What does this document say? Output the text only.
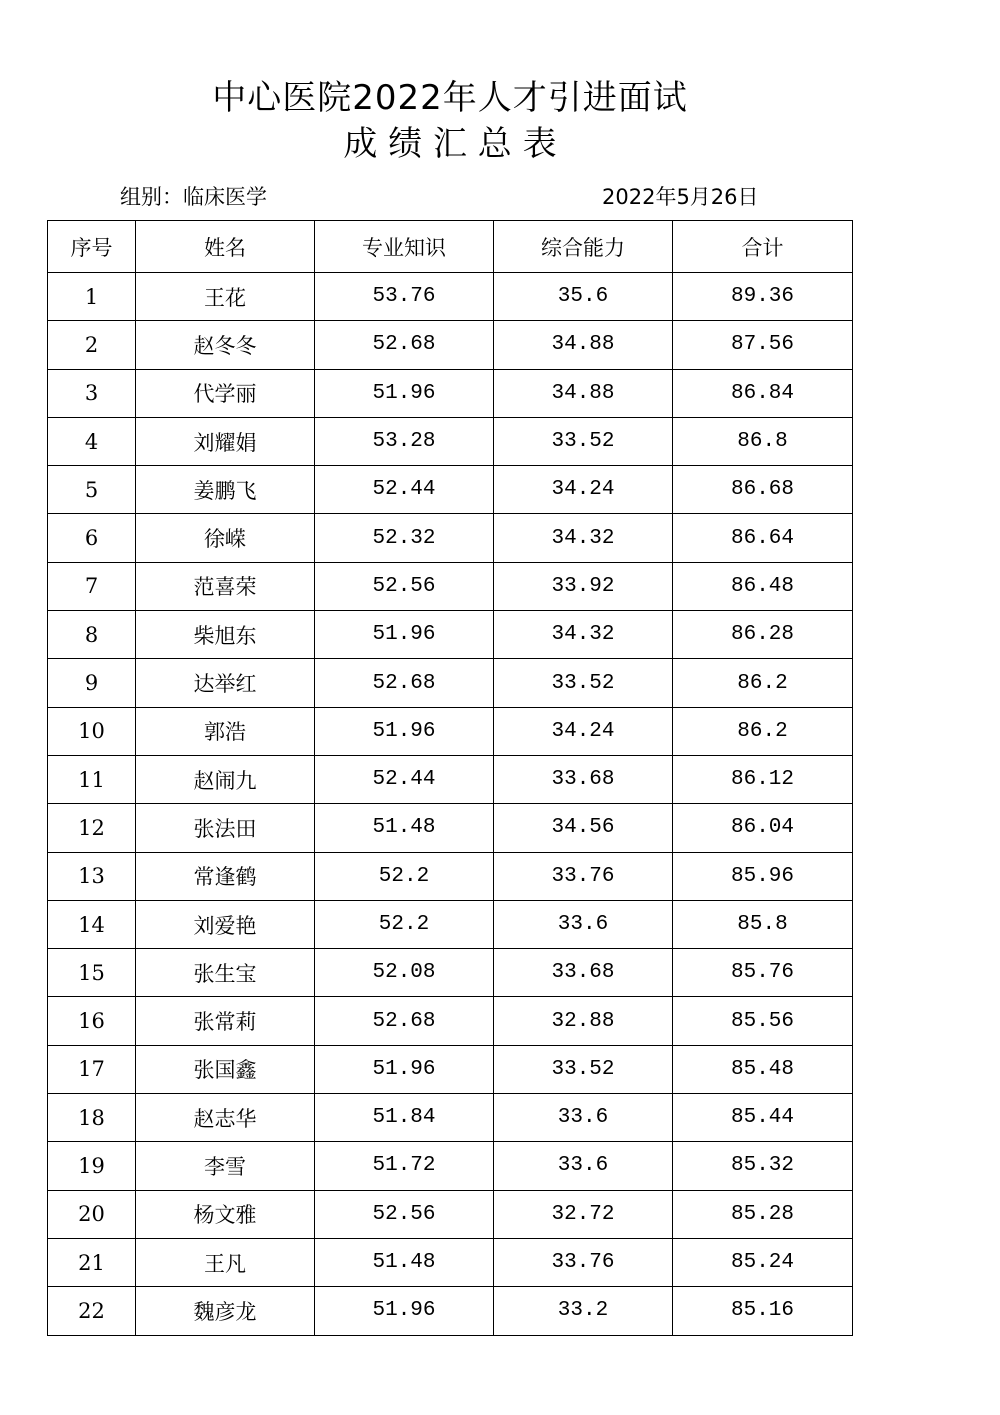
中心医院2022年人才引进面试
成 绩 汇 总 表
组别：临床医学	2022年5月26日
序号	姓名	专业知识	综合能力	合计
1	王花	53.76	35.6	89.36
2	赵冬冬	52.68	34.88	87.56
3	代学丽	51.96	34.88	86.84
4	刘耀娟	53.28	33.52	86.8
5	姜鹏飞	52.44	34.24	86.68
6	徐嵘	52.32	34.32	86.64
7	范喜荣	52.56	33.92	86.48
8	柴旭东	51.96	34.32	86.28
9	达举红	52.68	33.52	86.2
10	郭浩	51.96	34.24	86.2
11	赵闹九	52.44	33.68	86.12
12	张法田	51.48	34.56	86.04
13	常逢鹤	52.2	33.76	85.96
14	刘爱艳	52.2	33.6	85.8
15	张生宝	52.08	33.68	85.76
16	张常莉	52.68	32.88	85.56
17	张国鑫	51.96	33.52	85.48
18	赵志华	51.84	33.6	85.44
19	李雪	51.72	33.6	85.32
20	杨文雅	52.56	32.72	85.28
21	王凡	51.48	33.76	85.24
22	魏彦龙	51.96	33.2	85.16
